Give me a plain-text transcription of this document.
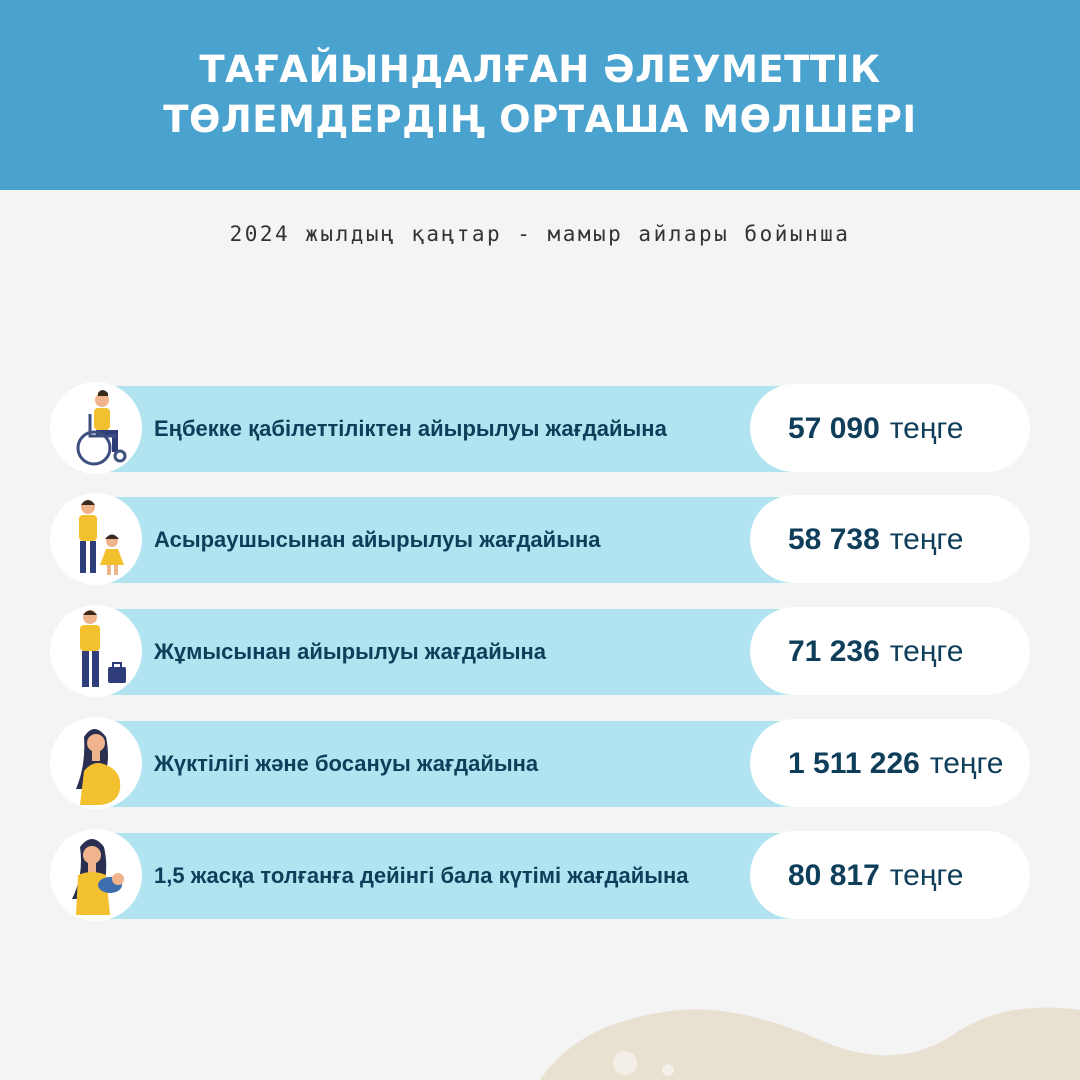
ТАҒАЙЫНДАЛҒАН ӘЛЕУМЕТТІК ТӨЛЕМДЕРДІҢ ОРТАША МӨЛШЕРІ
2024 жылдың қаңтар - мамыр айлары бойынша
Еңбекке қабілеттіліктен айырылуы жағдайына	57 090 теңге
Асыраушысынан айырылуы жағдайына	58 738 теңге
Жұмысынан айырылуы жағдайына	71 236 теңге
Жүктілігі және босануы жағдайына	1 511 226 теңге
1,5 жасқа толғанға дейінгі бала күтімі жағдайына	80 817 теңге
